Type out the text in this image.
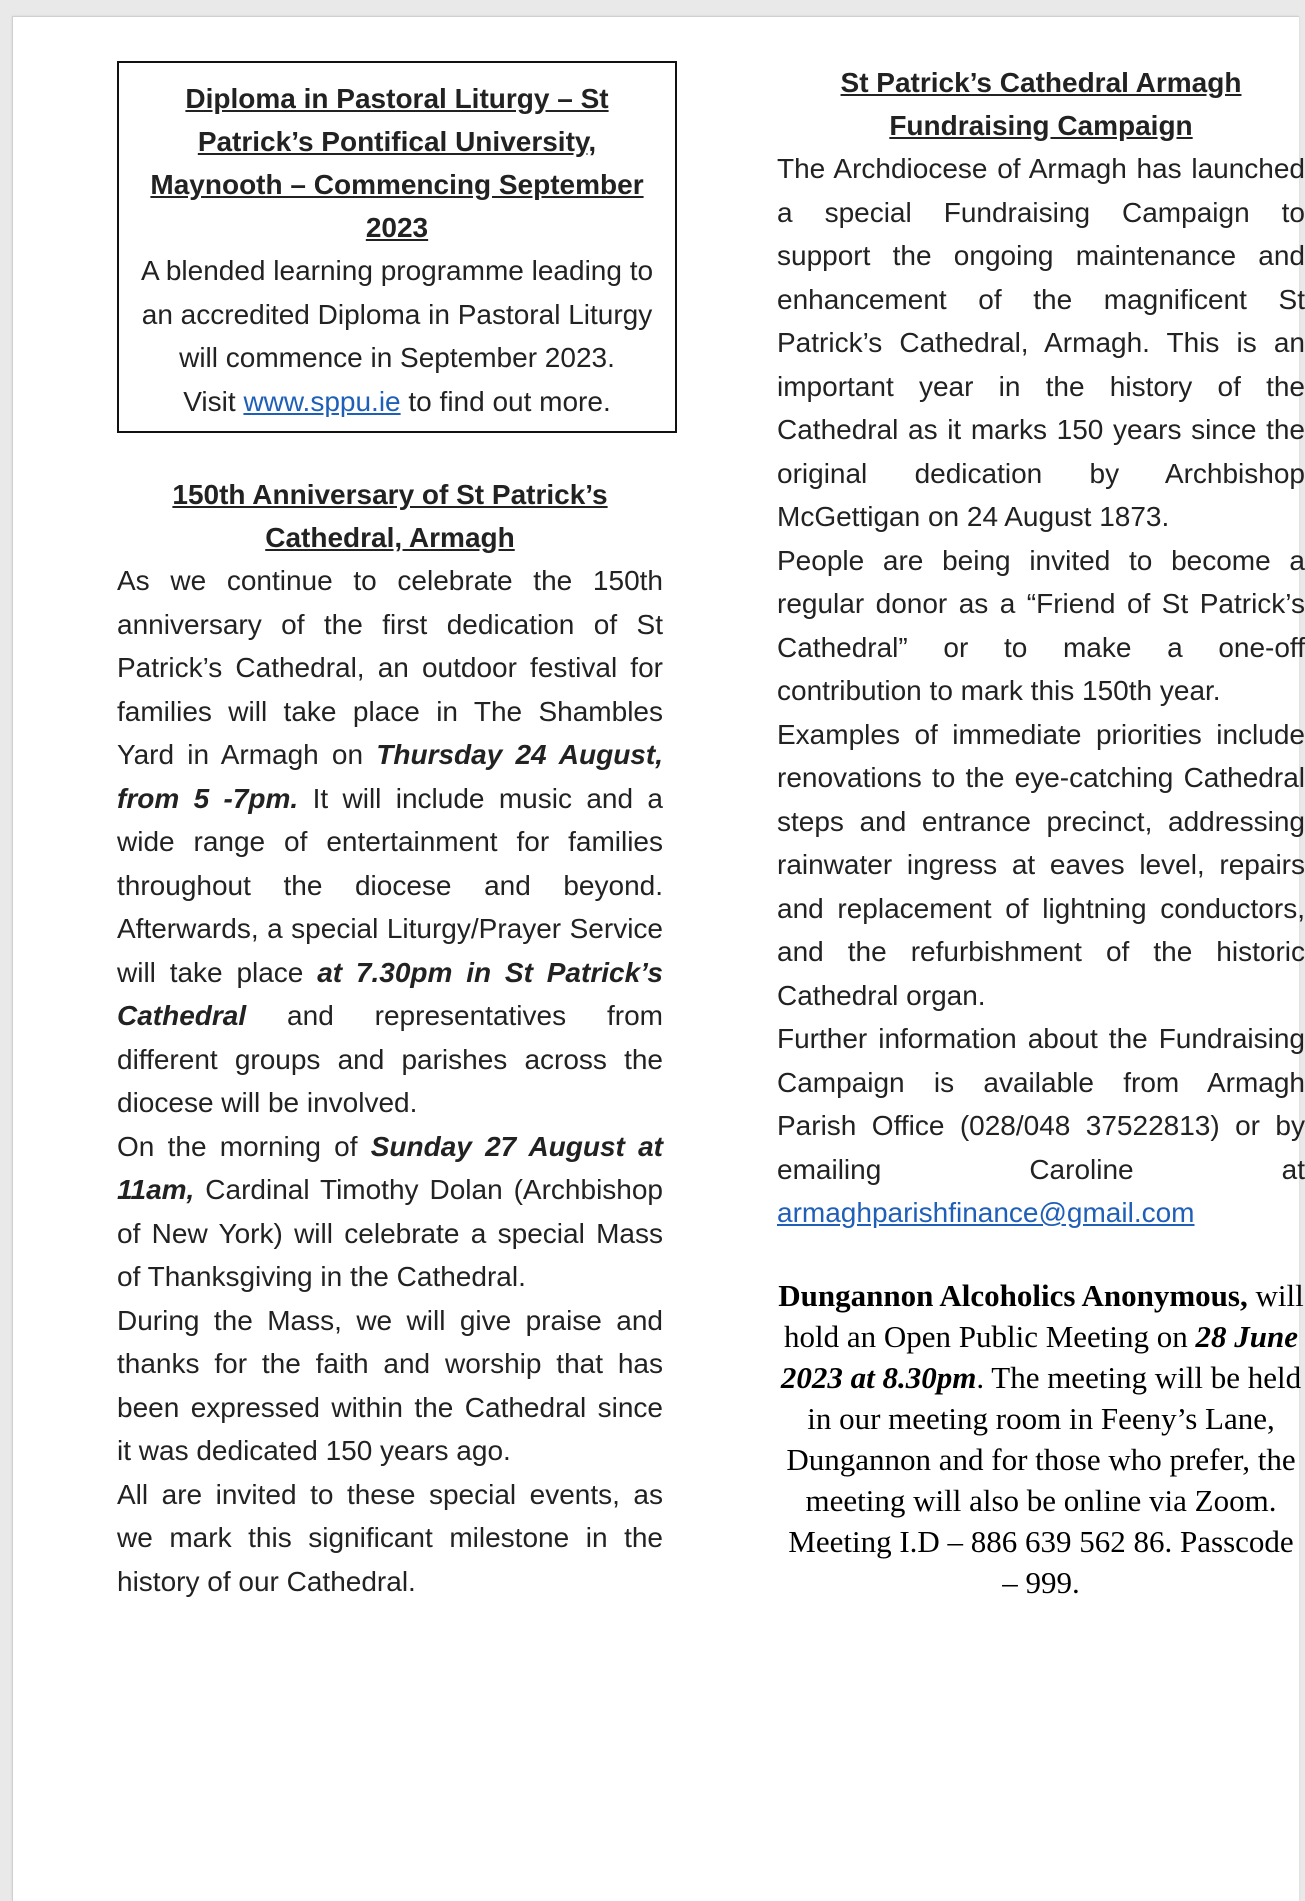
Diploma in Pastoral Liturgy – St Patrick’s Pontifical University, Maynooth – Commencing September 2023

A blended learning programme leading to an accredited Diploma in Pastoral Liturgy will commence in September 2023.

Visit www.sppu.ie to find out more.

150th Anniversary of St Patrick’s Cathedral, Armagh

As we continue to celebrate the 150th anniversary of the first dedication of St Patrick’s Cathedral, an outdoor festival for families will take place in The Shambles Yard in Armagh on Thursday 24 August, from 5 -7pm. It will include music and a wide range of entertainment for families throughout the diocese and beyond. Afterwards, a special Liturgy/Prayer Service will take place at 7.30pm in St Patrick’s Cathedral and representatives from different groups and parishes across the diocese will be involved.

On the morning of Sunday 27 August at 11am, Cardinal Timothy Dolan (Archbishop of New York) will celebrate a special Mass of Thanksgiving in the Cathedral.

During the Mass, we will give praise and thanks for the faith and worship that has been expressed within the Cathedral since it was dedicated 150 years ago.

All are invited to these special events, as we mark this significant milestone in the history of our Cathedral.

St Patrick’s Cathedral Armagh Fundraising Campaign

The Archdiocese of Armagh has launched a special Fundraising Campaign to support the ongoing maintenance and enhancement of the magnificent St Patrick’s Cathedral, Armagh. This is an important year in the history of the Cathedral as it marks 150 years since the original dedication by Archbishop McGettigan on 24 August 1873.

People are being invited to become a regular donor as a “Friend of St Patrick’s Cathedral” or to make a one-off contribution to mark this 150th year.

Examples of immediate priorities include renovations to the eye-catching Cathedral steps and entrance precinct, addressing rainwater ingress at eaves level, repairs and replacement of lightning conductors, and the refurbishment of the historic Cathedral organ.

Further information about the Fundraising Campaign is available from Armagh Parish Office (028/048 37522813) or by emailing Caroline at armaghparishfinance@gmail.com

Dungannon Alcoholics Anonymous, will hold an Open Public Meeting on 28 June 2023 at 8.30pm. The meeting will be held in our meeting room in Feeny’s Lane, Dungannon and for those who prefer, the meeting will also be online via Zoom. Meeting I.D – 886 639 562 86. Passcode – 999.
